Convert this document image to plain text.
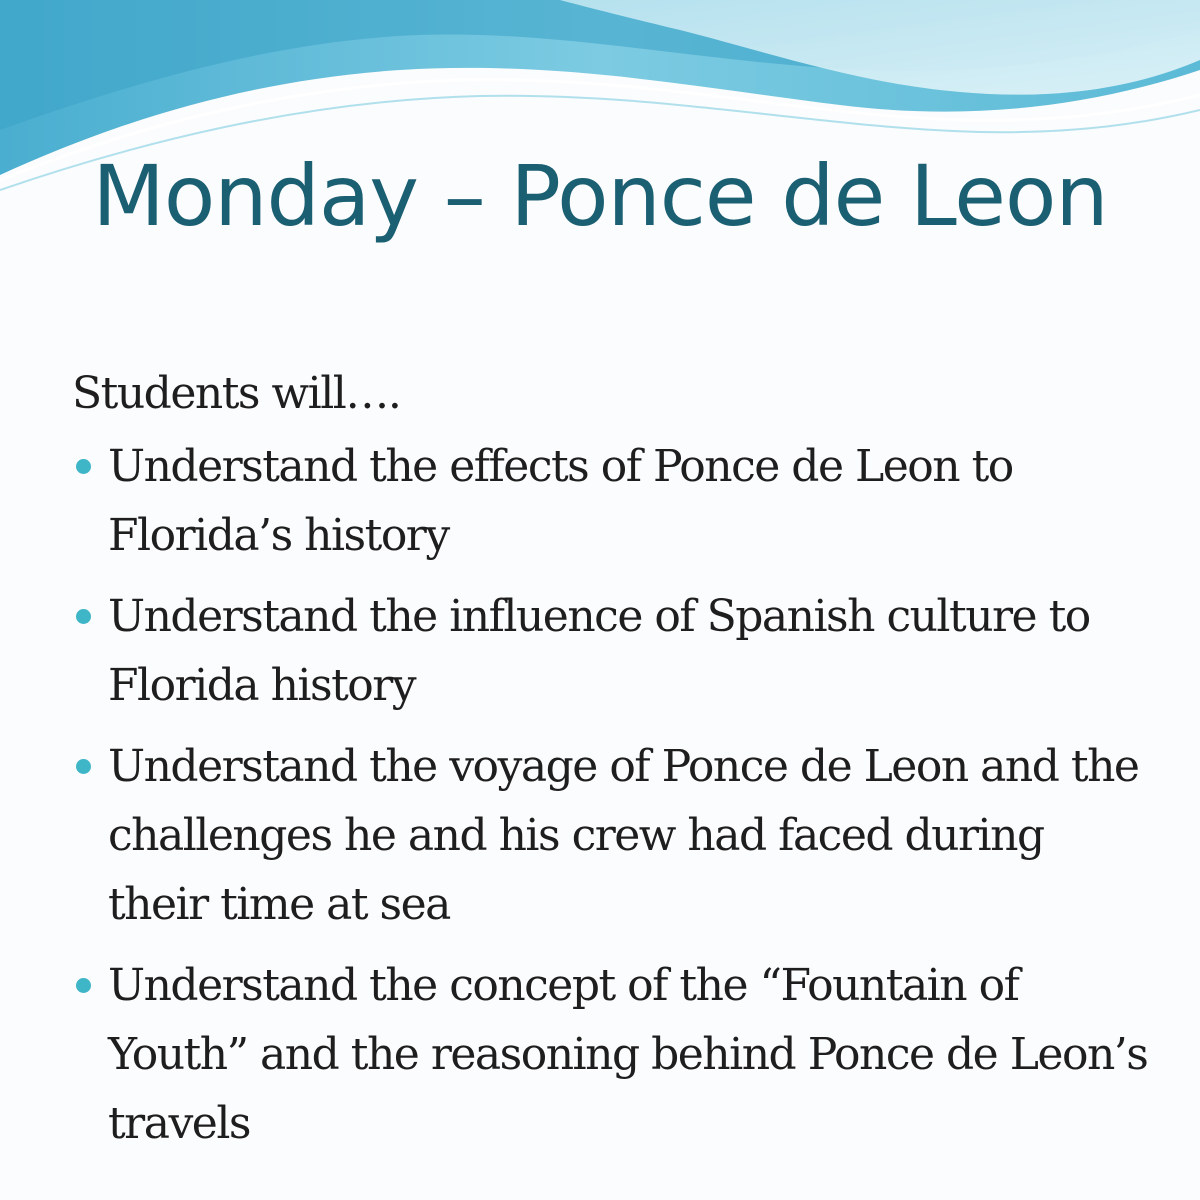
Monday – Ponce de Leon

Students will….

Understand the effects of Ponce de Leon to Florida’s history
Understand the influence of Spanish culture to Florida history
Understand the voyage of Ponce de Leon and the challenges he and his crew had faced during their time at sea
Understand the concept of the “Fountain of Youth” and the reasoning behind Ponce de Leon’s travels
